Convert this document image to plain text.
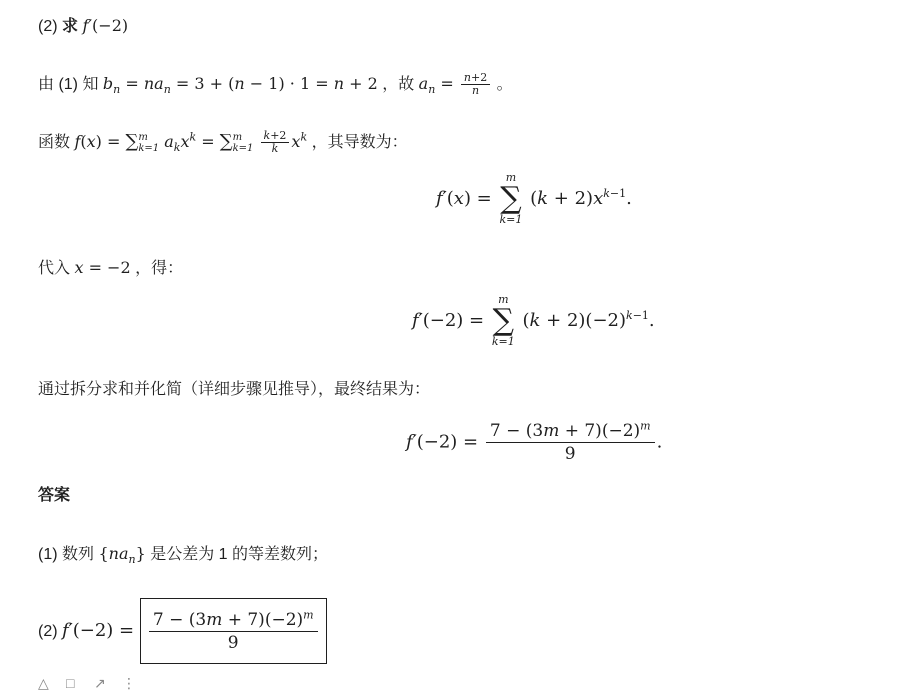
(2) 求 f′(−2)
由 (1) 知 $b_n = na_n = 3 + (n - 1) \cdot 1 = n + 2$ ，故 $a_n = \frac{n+2}{n}$ 。
函数 f(x) = ∑m
k=1 $a_kx^k = \sum m$
$k=1 \frac{k+2}{k} x^k$ ，其导数为：
f′(x) =
m
∑
k=1
$(k + 2)x^{k-1}$.
代入 x = −2 ，得：
f′(−2) =
m
∑
k=1
$(k + 2)(-2)^{k-1}$.
通过拆分求和并化简（详细步骤见推导），最终结果为：
$f'(-2) = \frac{7 - (3m + 7)(-2)^m}{9}$ .
答案
(1) 数列 $\{na_n\}$ 是公差为 1 的等差数列；
(2) $f'(-2) = \frac{7 - (3m + 7)(-2)^m}{9}$
△ □	↗ ⋮
